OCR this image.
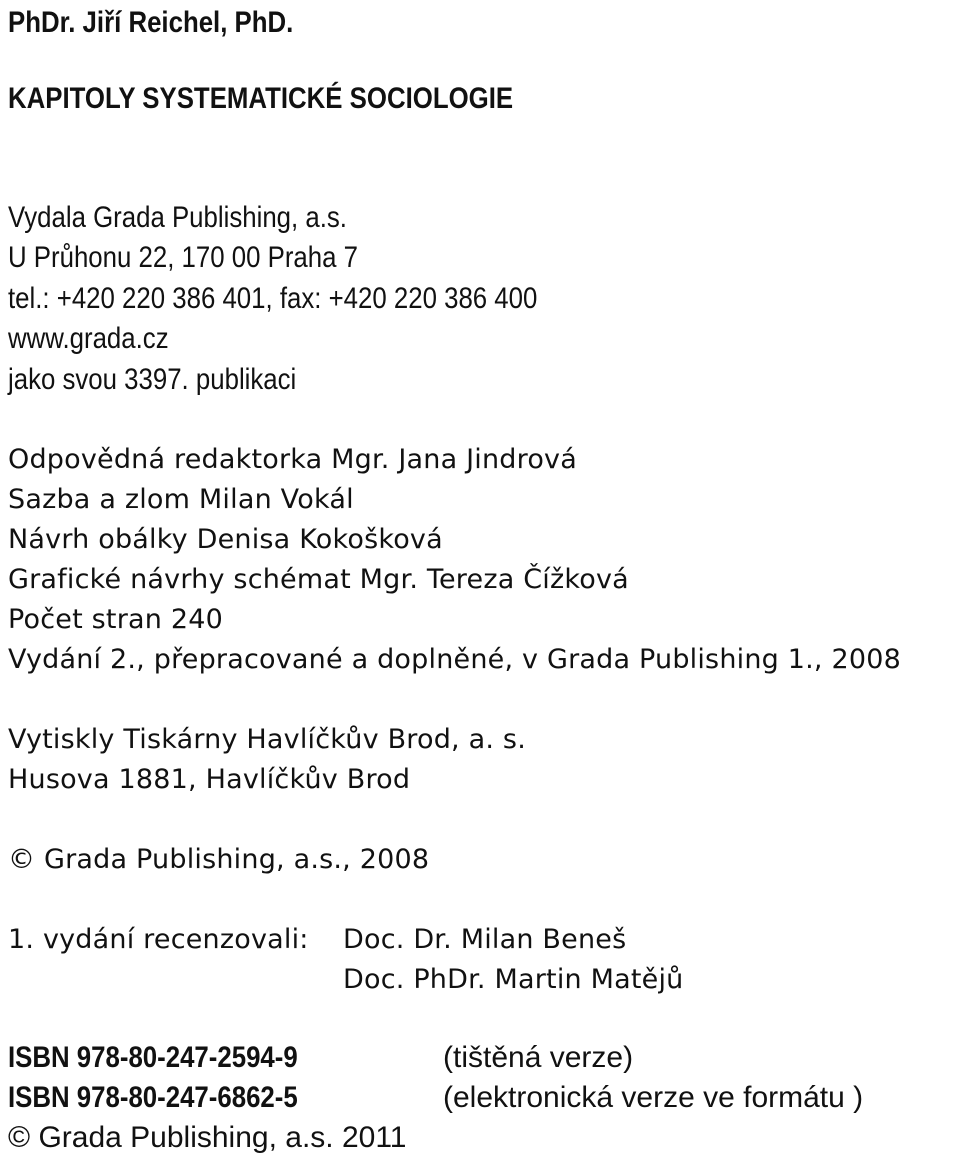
PhDr. Jiří Reichel, PhD.
KAPITOLY SYSTEMATICKÉ SOCIOLOGIE
Vydala Grada Publishing, a.s.
U Průhonu 22, 170 00 Praha 7
tel.: +420 220 386 401, fax: +420 220 386 400
www.grada.cz
jako svou 3397. publikaci
Odpovědná redaktorka Mgr. Jana Jindrová
Sazba a zlom Milan Vokál
Návrh obálky Denisa Kokošková
Grafické návrhy schémat Mgr. Tereza Čížková
Počet stran 240
Vydání 2., přepracované a doplněné, v Grada Publishing 1., 2008
Vytiskly Tiskárny Havlíčkův Brod, a. s.
Husova 1881, Havlíčkův Brod
© Grada Publishing, a.s., 2008
1. vydání recenzovali: Doc. Dr. Milan Beneš
Doc. PhDr. Martin Matějů
ISBN 978-80-247-2594-9	(tištěná verze)
ISBN 978-80-247-6862-5	(elektronická verze ve formátu )
© Grada Publishing, a.s. 2011
